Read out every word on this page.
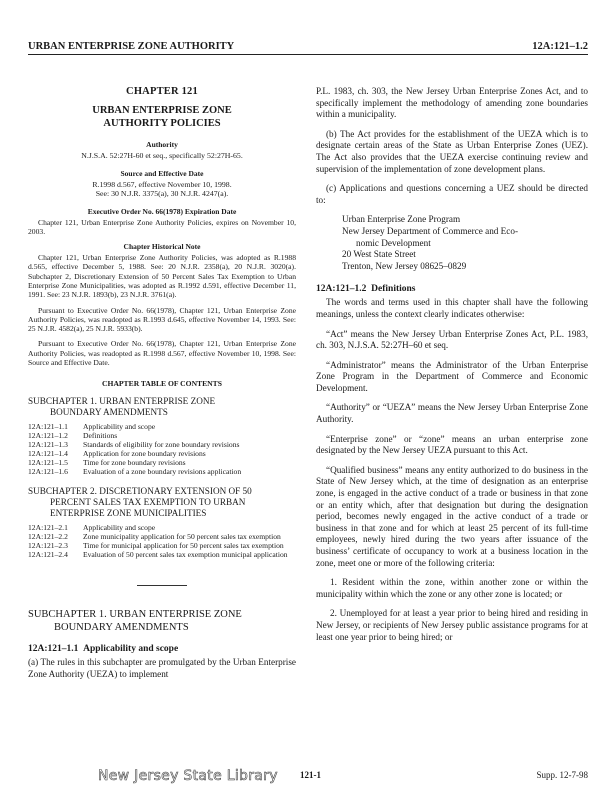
URBAN ENTERPRISE ZONE AUTHORITY	12A:121–1.2
CHAPTER 121
URBAN ENTERPRISE ZONE
AUTHORITY POLICIES
Authority
N.J.S.A. 52:27H-60 et seq., specifically 52:27H-65.
Source and Effective Date
R.1998 d.567, effective November 10, 1998.
See: 30 N.J.R. 3375(a), 30 N.J.R. 4247(a).
Executive Order No. 66(1978) Expiration Date
Chapter 121, Urban Enterprise Zone Authority Policies, expires on November 10, 2003.
Chapter Historical Note
Chapter 121, Urban Enterprise Zone Authority Policies, was adopted as R.1988 d.565, effective December 5, 1988. See: 20 N.J.R. 2358(a), 20 N.J.R. 3020(a). Subchapter 2, Discretionary Extension of 50 Percent Sales Tax Exemption to Urban Enterprise Zone Municipalities, was adopted as R.1992 d.591, effective December 11, 1991. See: 23 N.J.R. 1893(b), 23 N.J.R. 3761(a).
Pursuant to Executive Order No. 66(1978), Chapter 121, Urban Enterprise Zone Authority Policies, was readopted as R.1993 d.645, effective November 14, 1993. See: 25 N.J.R. 4582(a), 25 N.J.R. 5933(b).
Pursuant to Executive Order No. 66(1978), Chapter 121, Urban Enterprise Zone Authority Policies, was readopted as R.1998 d.567, effective November 10, 1998. See: Source and Effective Date.
CHAPTER TABLE OF CONTENTS
SUBCHAPTER 1. URBAN ENTERPRISE ZONE
BOUNDARY AMENDMENTS
12A:121–1.1	Applicability and scope
12A:121–1.2	Definitions
12A:121–1.3	Standards of eligibility for zone boundary revisions
12A:121–1.4	Application for zone boundary revisions
12A:121–1.5	Time for zone boundary revisions
12A:121–1.6	Evaluation of a zone boundary revisions application
SUBCHAPTER 2. DISCRETIONARY EXTENSION OF 50
PERCENT SALES TAX EXEMPTION TO URBAN
ENTERPRISE ZONE MUNICIPALITIES
12A:121–2.1	Applicability and scope
12A:121–2.2	Zone municipality application for 50 percent sales tax exemption
12A:121–2.3	Time for municipal application for 50 percent sales tax exemption
12A:121–2.4	Evaluation of 50 percent sales tax exemption municipal application
SUBCHAPTER 1. URBAN ENTERPRISE ZONE
BOUNDARY AMENDMENTS
12A:121–1.1 Applicability and scope
(a) The rules in this subchapter are promulgated by the Urban Enterprise Zone Authority (UEZA) to implement
P.L. 1983, ch. 303, the New Jersey Urban Enterprise Zones Act, and to specifically implement the methodology of amending zone boundaries within a municipality.
(b) The Act provides for the establishment of the UEZA which is to designate certain areas of the State as Urban Enterprise Zones (UEZ). The Act also provides that the UEZA exercise continuing review and supervision of the implementation of zone development plans.
(c) Applications and questions concerning a UEZ should be directed to:
Urban Enterprise Zone Program
New Jersey Department of Commerce and Eco-
nomic Development
20 West State Street
Trenton, New Jersey 08625–0829
12A:121–1.2 Definitions
The words and terms used in this chapter shall have the following meanings, unless the context clearly indicates otherwise:
“Act” means the New Jersey Urban Enterprise Zones Act, P.L. 1983, ch. 303, N.J.S.A. 52:27H–60 et seq.
“Administrator” means the Administrator of the Urban Enterprise Zone Program in the Department of Commerce and Economic Development.
“Authority” or “UEZA” means the New Jersey Urban Enterprise Zone Authority.
“Enterprise zone” or “zone” means an urban enterprise zone designated by the New Jersey UEZA pursuant to this Act.
“Qualified business” means any entity authorized to do business in the State of New Jersey which, at the time of designation as an enterprise zone, is engaged in the active conduct of a trade or business in that zone or an entity which, after that designation but during the designation period, becomes newly engaged in the active conduct of a trade or business in that zone and for which at least 25 percent of its full-time employees, newly hired during the two years after issuance of the business’ certificate of occupancy to work at a business location in the zone, meet one or more of the following criteria:
1. Resident within the zone, within another zone or within the municipality within which the zone or any other zone is located; or
2. Unemployed for at least a year prior to being hired and residing in New Jersey, or recipients of New Jersey public assistance programs for at least one year prior to being hired; or
New Jersey State Library 121-1	Supp. 12-7-98
